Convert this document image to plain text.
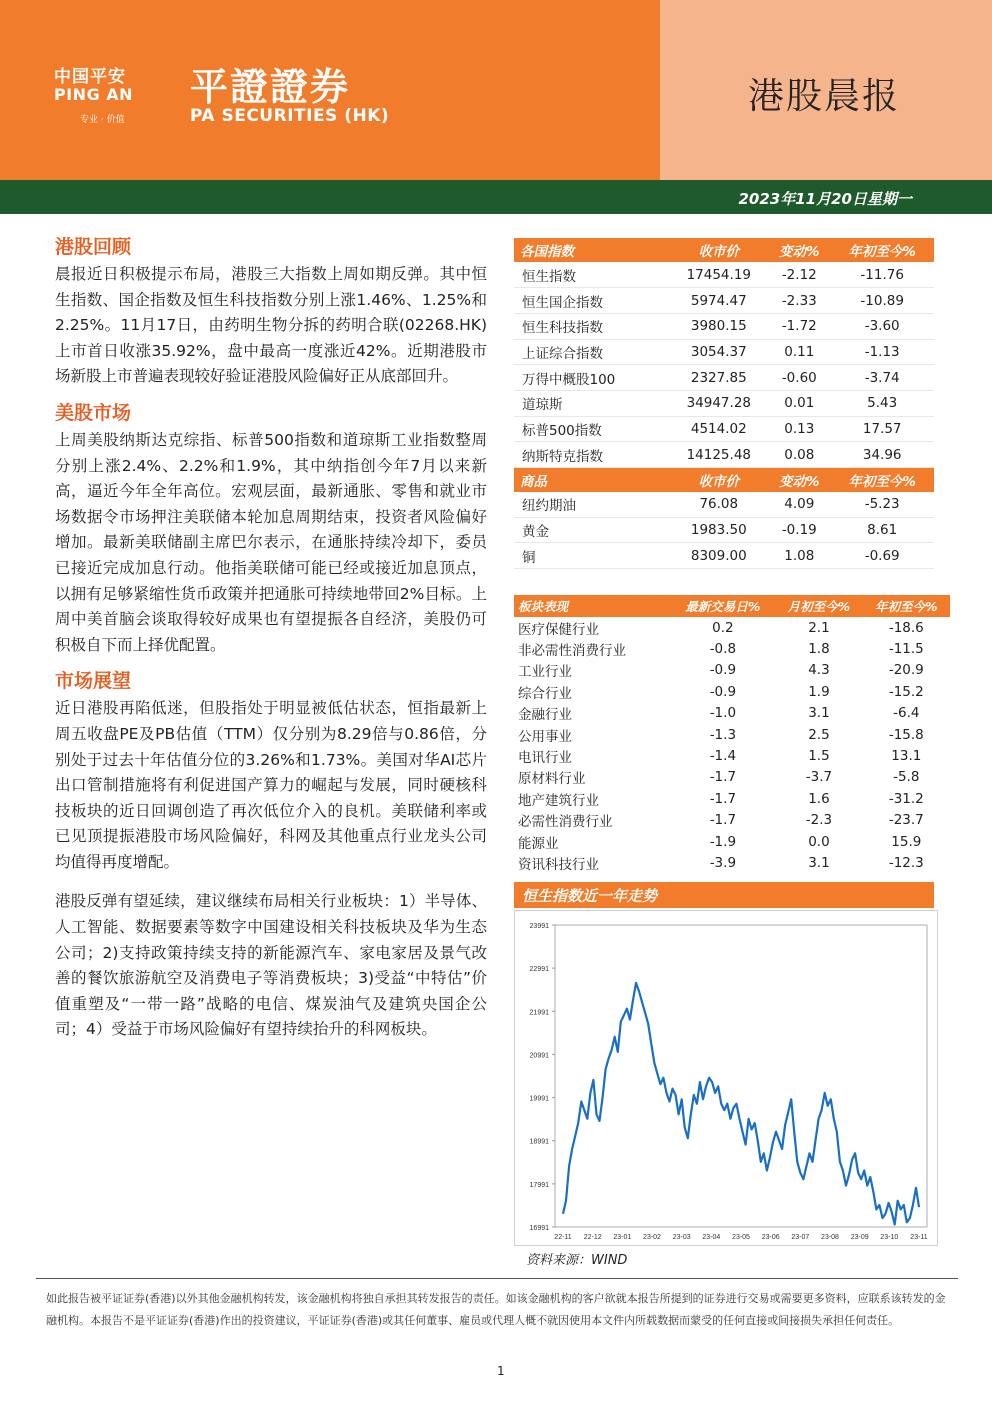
中国平安
PING AN
专业 · 价值
平證證券
PA SECURITIES (HK)	港股晨报
2023年11月20日星期一
港股回顾

晨报近日积极提示布局，港股三大指数上周如期反弹。其中恒生指数、国企指数及恒生科技指数分别上涨1.46%、1.25%和2.25%。11月17日，由药明生物分拆的药明合联(02268.HK)上市首日收涨35.92%，盘中最高一度涨近42%。近期港股市场新股上市普遍表现较好验证港股风险偏好正从底部回升。

美股市场

上周美股纳斯达克综指、标普500指数和道琼斯工业指数整周分别上涨2.4%、2.2%和1.9%，其中纳指创今年7月以来新高，逼近今年全年高位。宏观层面，最新通胀、零售和就业市场数据令市场押注美联储本轮加息周期结束，投资者风险偏好增加。最新美联储副主席巴尔表示，在通胀持续冷却下，委员已接近完成加息行动。他指美联储可能已经或接近加息顶点，以拥有足够紧缩性货币政策并把通胀可持续地带回2%目标。上周中美首脑会谈取得较好成果也有望提振各自经济，美股仍可积极自下而上择优配置。

市场展望

近日港股再陷低迷，但股指处于明显被低估状态，恒指最新上周五收盘PE及PB估值（TTM）仅分别为8.29倍与0.86倍，分别处于过去十年估值分位的3.26%和1.73%。美国对华AI芯片出口管制措施将有利促进国产算力的崛起与发展，同时硬核科技板块的近日回调创造了再次低位介入的良机。美联储利率或已见顶提振港股市场风险偏好，科网及其他重点行业龙头公司均值得再度增配。

港股反弹有望延续，建议继续布局相关行业板块：1）半导体、人工智能、数据要素等数字中国建设相关科技板块及华为生态公司；2)支持政策持续支持的新能源汽车、家电家居及景气改善的餐饮旅游航空及消费电子等消费板块；3)受益“中特估”价值重塑及“一带一路”战略的电信、煤炭油气及建筑央国企公司；4）受益于市场风险偏好有望持续抬升的科网板块。

各国指数	收市价	变动%	年初至今%
恒生指数	17454.19	-2.12	-11.76
恒生国企指数	5974.47	-2.33	-10.89
恒生科技指数	3980.15	-1.72	-3.60
上证综合指数	3054.37	0.11	-1.13
万得中概股100	2327.85	-0.60	-3.74
道琼斯	34947.28	0.01	5.43
标普500指数	4514.02	0.13	17.57
纳斯特克指数	14125.48	0.08	34.96
商品	收市价	变动%	年初至今%
纽约期油	76.08	4.09	-5.23
黄金	1983.50	-0.19	8.61
铜	8309.00	1.08	-0.69
板块表现	最新交易日%	月初至今%	年初至今%
医疗保健行业	0.2	2.1	-18.6
非必需性消费行业	-0.8	1.8	-11.5
工业行业	-0.9	4.3	-20.9
综合行业	-0.9	1.9	-15.2
金融行业	-1.0	3.1	-6.4
公用事业	-1.3	2.5	-15.8
电讯行业	-1.4	1.5	13.1
原材料行业	-1.7	-3.7	-5.8
地产建筑行业	-1.7	1.6	-31.2
必需性消费行业	-1.7	-2.3	-23.7
能源业	-1.9	0.0	15.9
资讯科技行业	-3.9	3.1	-12.3
恒生指数近一年走势
23991
22991
21991
20991
19991
18991
17991
16991
22-11 22-12 23-01 23-02 23-03 23-04 23-05 23-06 23-07 23-08 23-09 23-10 23-11
资料来源：WIND
如此报告被平证证券(香港)以外其他金融机构转发，该金融机构将独自承担其转发报告的责任。如该金融机构的客户欲就本报告所提到的证券进行交易或需要更多资料，应联系该转发的金融机构。本报告不是平证证券(香港)作出的投资建议，平证证券(香港)或其任何董事、雇员或代理人概不就因使用本文件内所载数据而蒙受的任何直接或间接损失承担任何责任。
1
